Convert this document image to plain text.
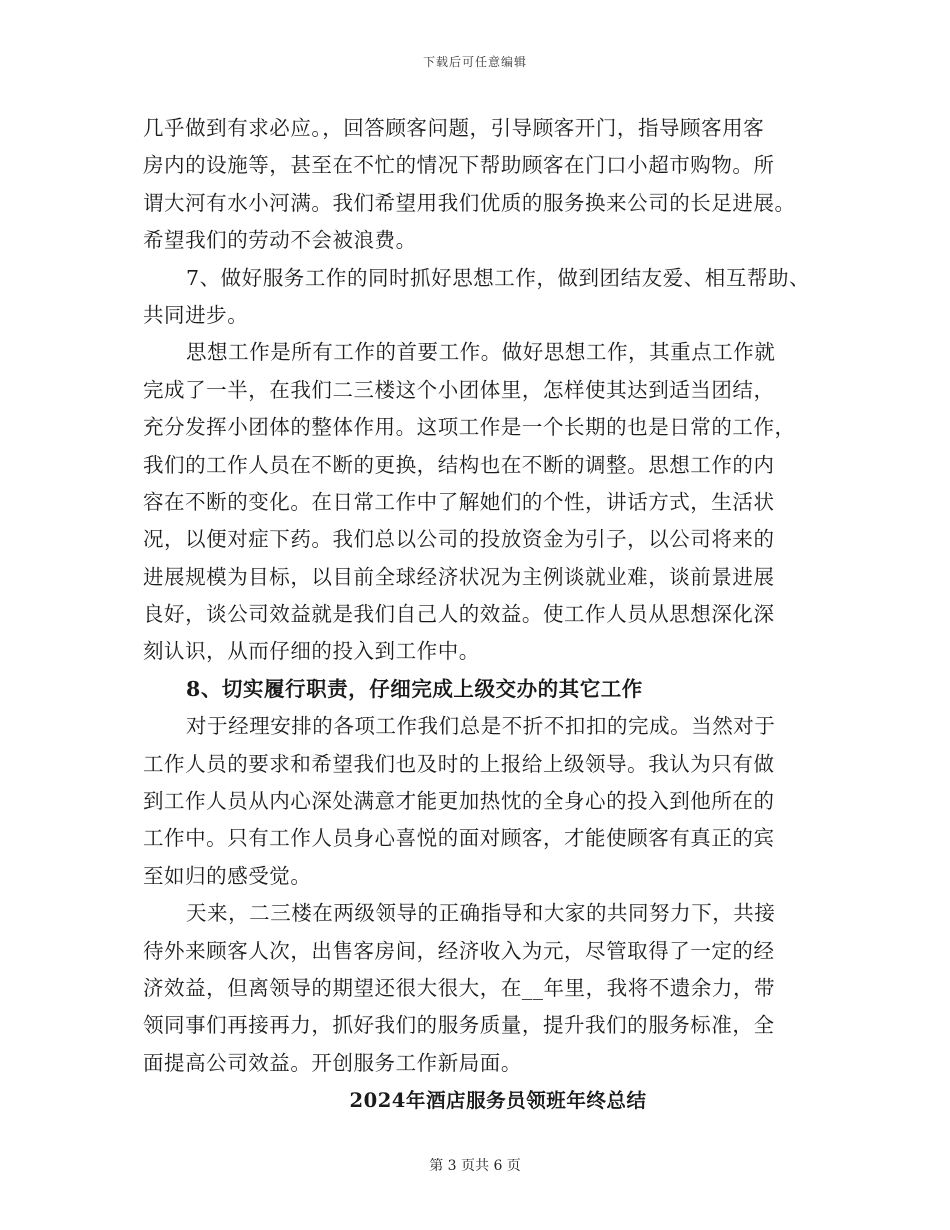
下载后可任意编辑
几乎做到有求必应。，回答顾客问题，引导顾客开门，指导顾客用客
房内的设施等，甚至在不忙的情况下帮助顾客在门口小超市购物。所
谓大河有水小河满。我们希望用我们优质的服务换来公司的长足进展。
希望我们的劳动不会被浪费。
7、做好服务工作的同时抓好思想工作，做到团结友爱、相互帮助、
共同进步。
思想工作是所有工作的首要工作。做好思想工作，其重点工作就
完成了一半，在我们二三楼这个小团体里，怎样使其达到适当团结，
充分发挥小团体的整体作用。这项工作是一个长期的也是日常的工作，
我们的工作人员在不断的更换，结构也在不断的调整。思想工作的内
容在不断的变化。在日常工作中了解她们的个性，讲话方式，生活状
况，以便对症下药。我们总以公司的投放资金为引子，以公司将来的
进展规模为目标，以目前全球经济状况为主例谈就业难，谈前景进展
良好，谈公司效益就是我们自己人的效益。使工作人员从思想深化深
刻认识，从而仔细的投入到工作中。
8、切实履行职责，仔细完成上级交办的其它工作
对于经理安排的各项工作我们总是不折不扣扣的完成。当然对于
工作人员的要求和希望我们也及时的上报给上级领导。我认为只有做
到工作人员从内心深处满意才能更加热忱的全身心的投入到他所在的
工作中。只有工作人员身心喜悦的面对顾客，才能使顾客有真正的宾
至如归的感受觉。
天来，二三楼在两级领导的正确指导和大家的共同努力下，共接
待外来顾客人次，出售客房间，经济收入为元，尽管取得了一定的经
济效益，但离领导的期望还很大很大，在__年里，我将不遗余力，带
领同事们再接再力，抓好我们的服务质量，提升我们的服务标准，全
面提高公司效益。开创服务工作新局面。
2024年酒店服务员领班年终总结
第 3 页共 6 页
